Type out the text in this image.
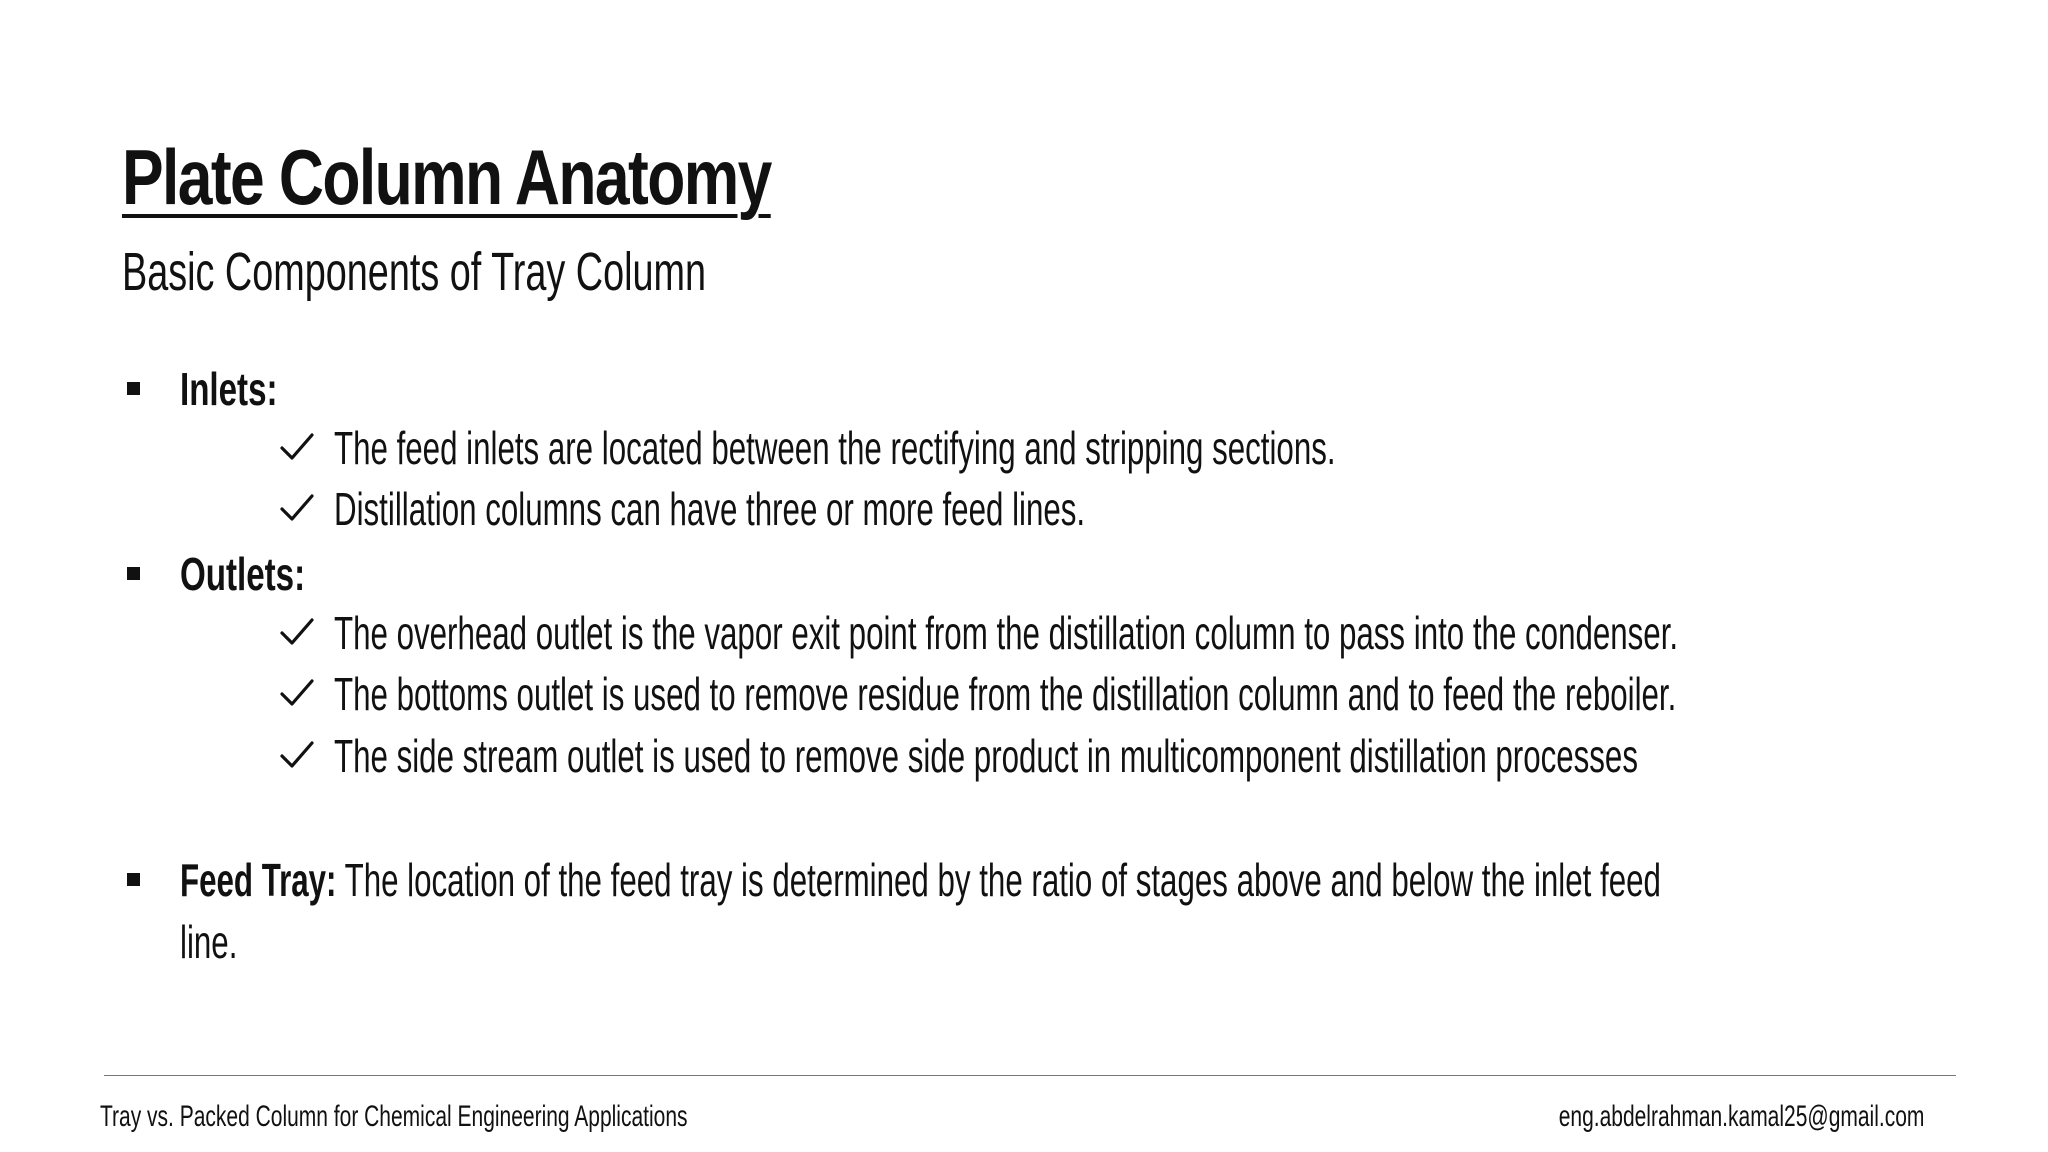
Plate Column Anatomy
Basic Components of Tray Column
Inlets:
The feed inlets are located between the rectifying and stripping sections.
Distillation columns can have three or more feed lines.
Outlets:
The overhead outlet is the vapor exit point from the distillation column to pass into the condenser.
The bottoms outlet is used to remove residue from the distillation column and to feed the reboiler.
The side stream outlet is used to remove side product in multicomponent distillation processes
Feed Tray: The location of the feed tray is determined by the ratio of stages above and below the inlet feed
line.
Tray vs. Packed Column for Chemical Engineering Applications	eng.abdelrahman.kamal25@gmail.com
